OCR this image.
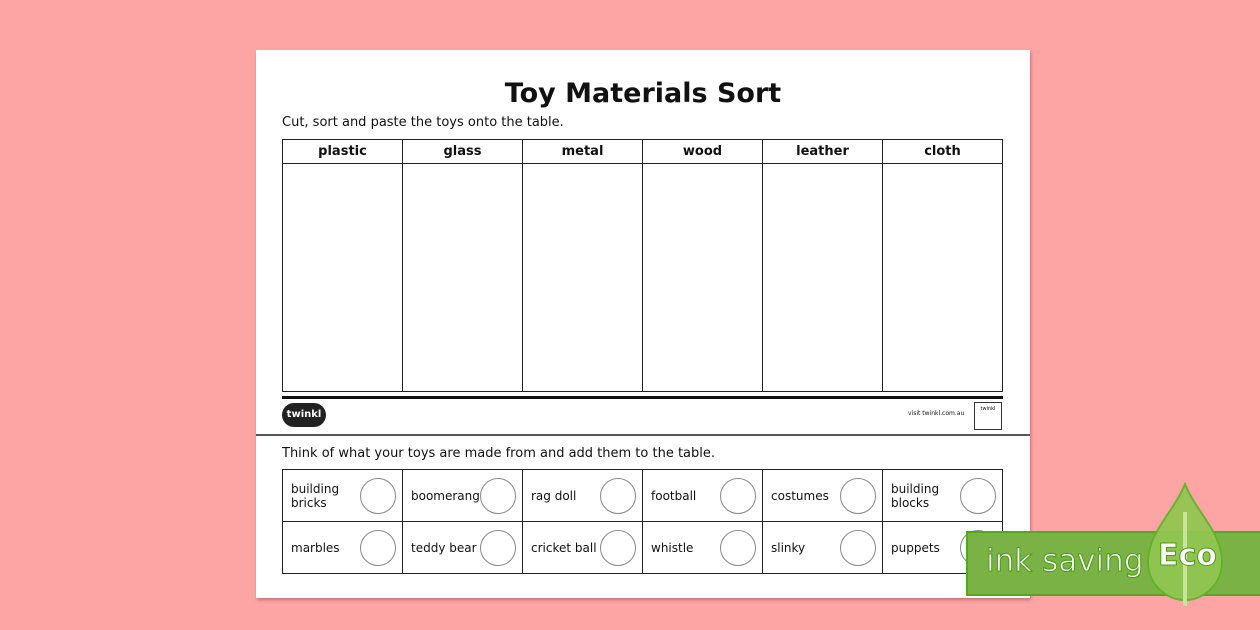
Toy Materials Sort
Cut, sort and paste the toys onto the table.
plastic	glass	metal	wood	leather	cloth

twinkl	visit twinkl.com.au
twinkl
Think of what your toys are made from and add them to the table.
building bricks	boomerang	rag doll	football	costumes	building blocks

marbles	teddy bear	cricket ball	whistle	slinky	puppets ink saving Eco
